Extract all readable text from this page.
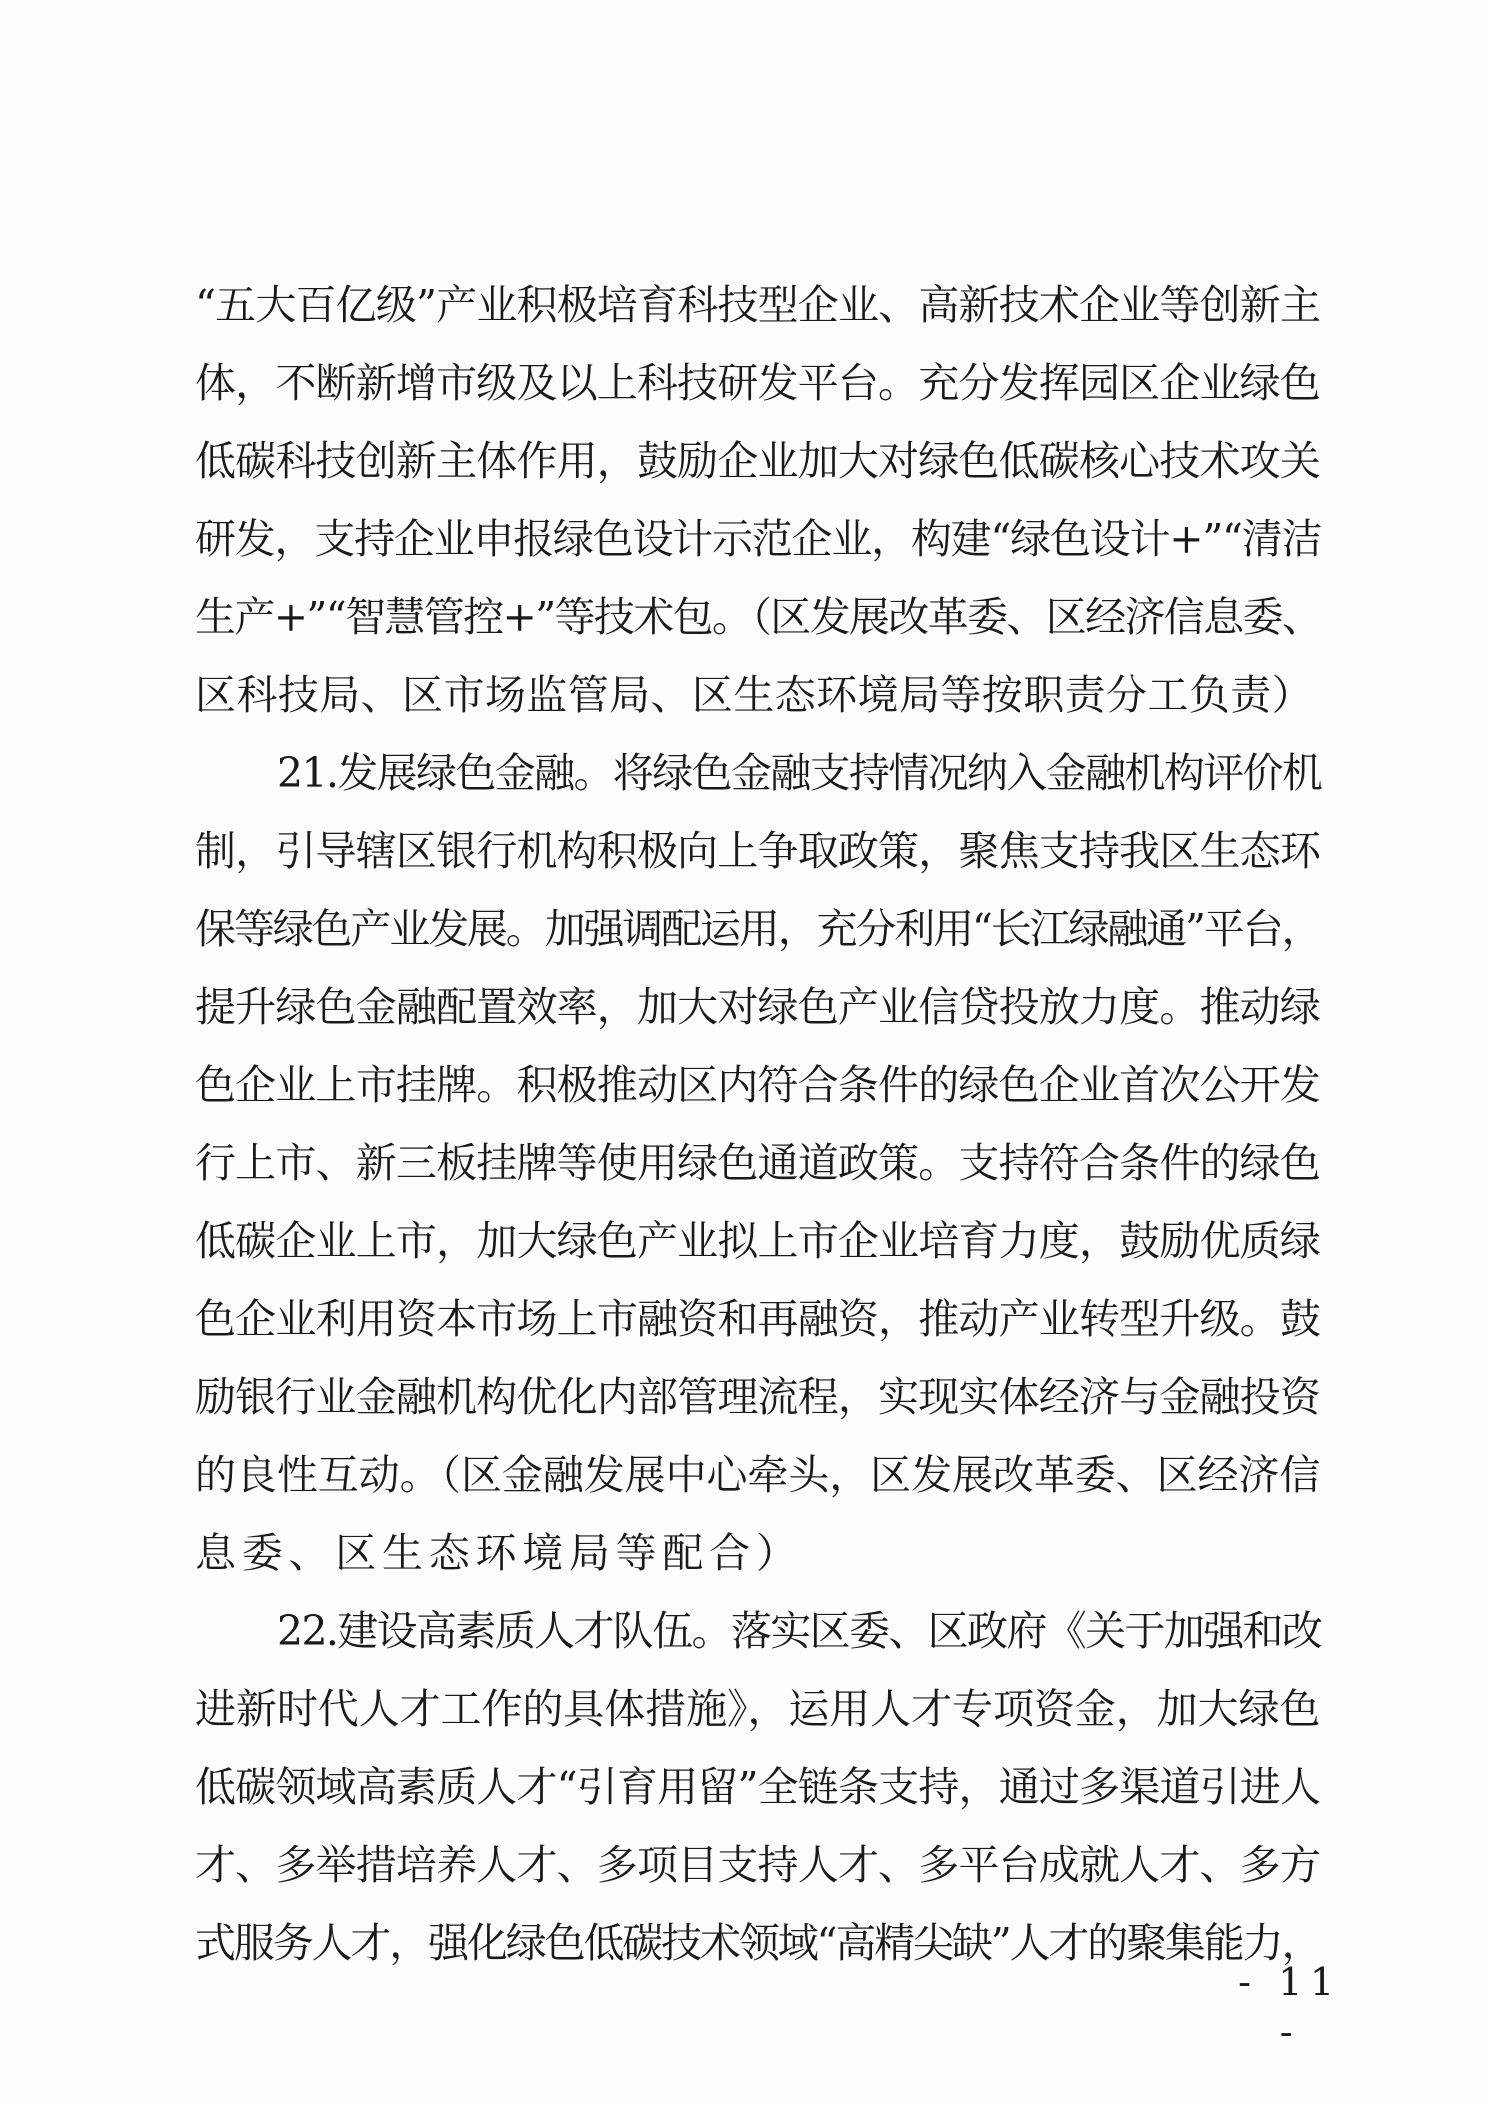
“五大百亿级”产业积极培育科技型企业、高新技术企业等创新主
体，不断新增市级及以上科技研发平台。充分发挥园区企业绿色
低碳科技创新主体作用，鼓励企业加大对绿色低碳核心技术攻关
研发，支持企业申报绿色设计示范企业，构建“绿色设计+”“清洁
生产+”“智慧管控+”等技术包。（区发展改革委、区经济信息委、
区科技局、区市场监管局、区生态环境局等按职责分工负责）
21.发展绿色金融。将绿色金融支持情况纳入金融机构评价机
制，引导辖区银行机构积极向上争取政策，聚焦支持我区生态环
保等绿色产业发展。加强调配运用，充分利用“长江绿融通”平台，
提升绿色金融配置效率，加大对绿色产业信贷投放力度。推动绿
色企业上市挂牌。积极推动区内符合条件的绿色企业首次公开发
行上市、新三板挂牌等使用绿色通道政策。支持符合条件的绿色
低碳企业上市，加大绿色产业拟上市企业培育力度，鼓励优质绿
色企业利用资本市场上市融资和再融资，推动产业转型升级。鼓
励银行业金融机构优化内部管理流程，实现实体经济与金融投资
的良性互动。（区金融发展中心牵头，区发展改革委、区经济信
息委、区生态环境局等配合）
22.建设高素质人才队伍。落实区委、区政府《关于加强和改
进新时代人才工作的具体措施》，运用人才专项资金，加大绿色
低碳领域高素质人才“引育用留”全链条支持，通过多渠道引进人
才、多举措培养人才、多项目支持人才、多平台成就人才、多方
式服务人才，强化绿色低碳技术领域“高精尖缺”人才的聚集能力，
- 11 -
